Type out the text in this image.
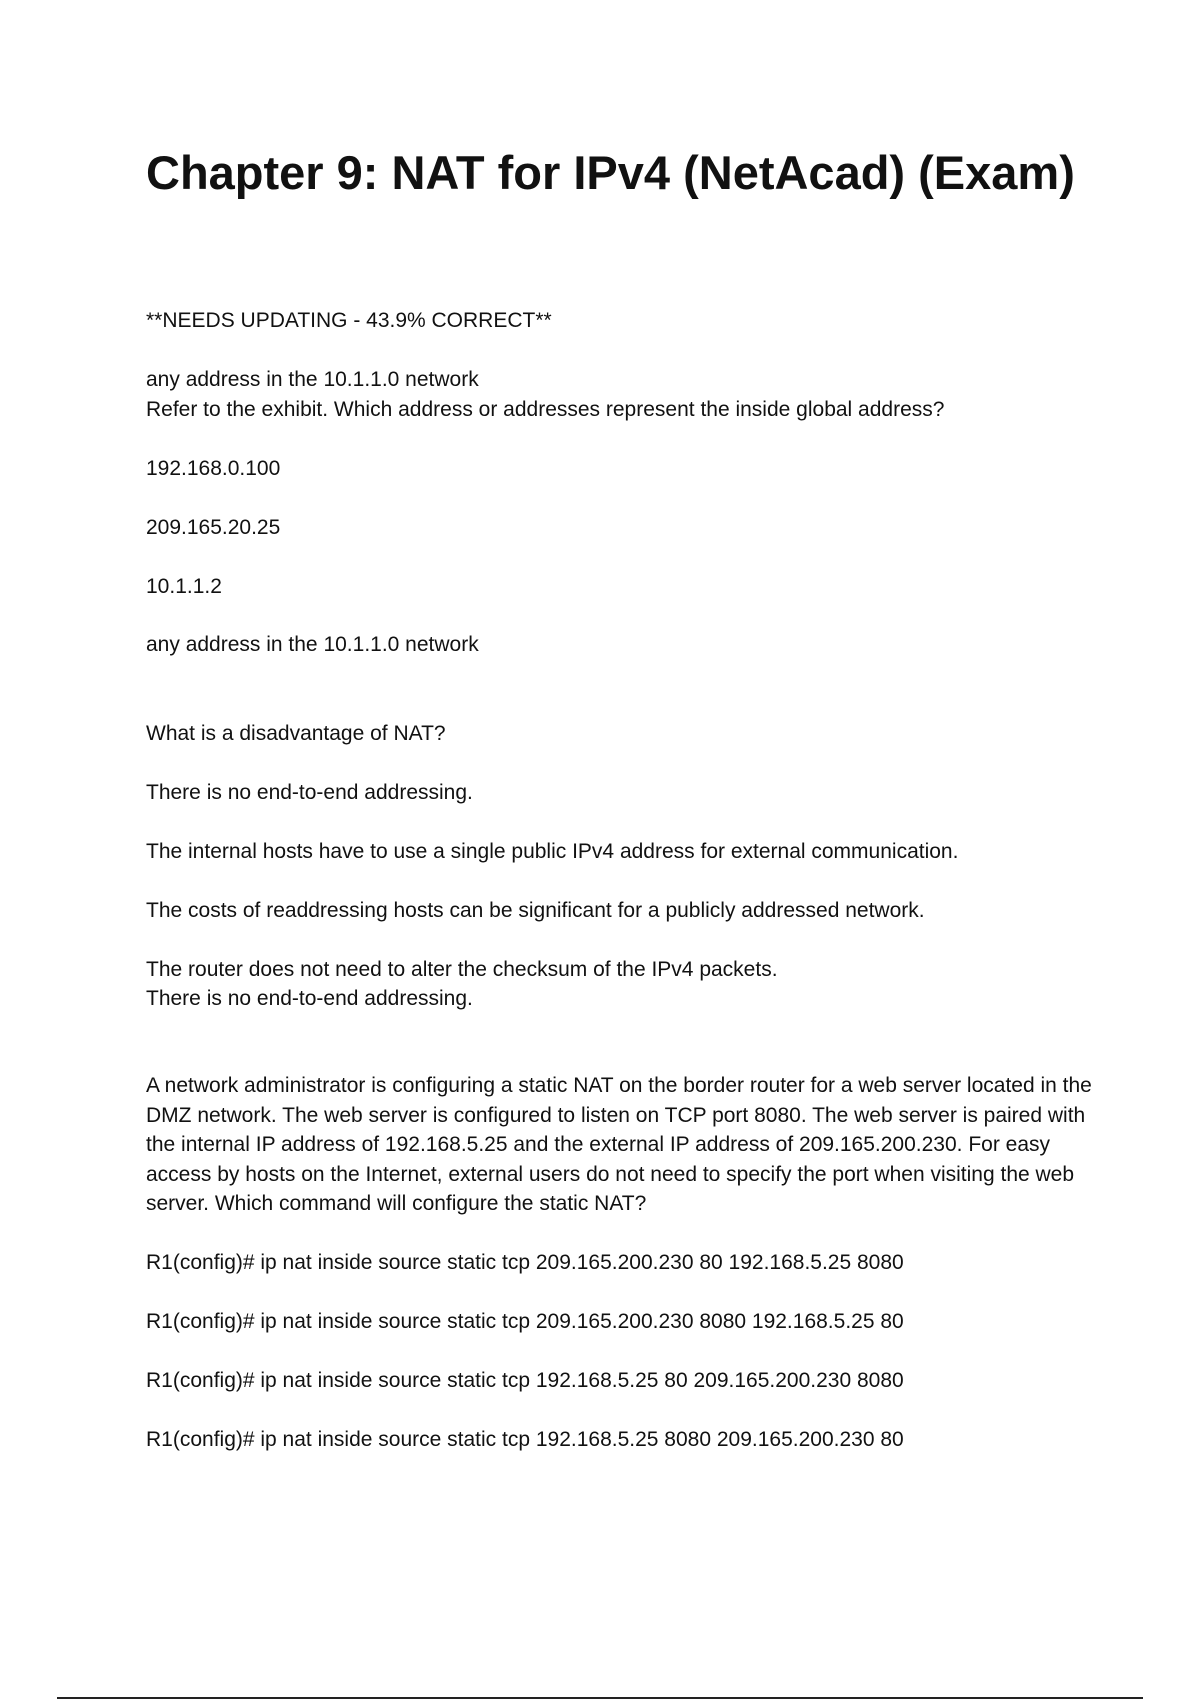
Chapter 9: NAT for IPv4 (NetAcad) (Exam)

**NEEDS UPDATING - 43.9% CORRECT**

any address in the 10.1.1.0 network

Refer to the exhibit. Which address or addresses represent the inside global address?

192.168.0.100

209.165.20.25

10.1.1.2

any address in the 10.1.1.0 network

What is a disadvantage of NAT?

There is no end-to-end addressing.

The internal hosts have to use a single public IPv4 address for external communication.

The costs of readdressing hosts can be significant for a publicly addressed network.

The router does not need to alter the checksum of the IPv4 packets.

There is no end-to-end addressing.

A network administrator is configuring a static NAT on the border router for a web server located in the DMZ network. The web server is configured to listen on TCP port 8080. The web server is paired with the internal IP address of 192.168.5.25 and the external IP address of 209.165.200.230. For easy access by hosts on the Internet, external users do not need to specify the port when visiting the web server. Which command will configure the static NAT?

R1(config)# ip nat inside source static tcp 209.165.200.230 80 192.168.5.25 8080

R1(config)# ip nat inside source static tcp 209.165.200.230 8080 192.168.5.25 80

R1(config)# ip nat inside source static tcp 192.168.5.25 80 209.165.200.230 8080

R1(config)# ip nat inside source static tcp 192.168.5.25 8080 209.165.200.230 80
